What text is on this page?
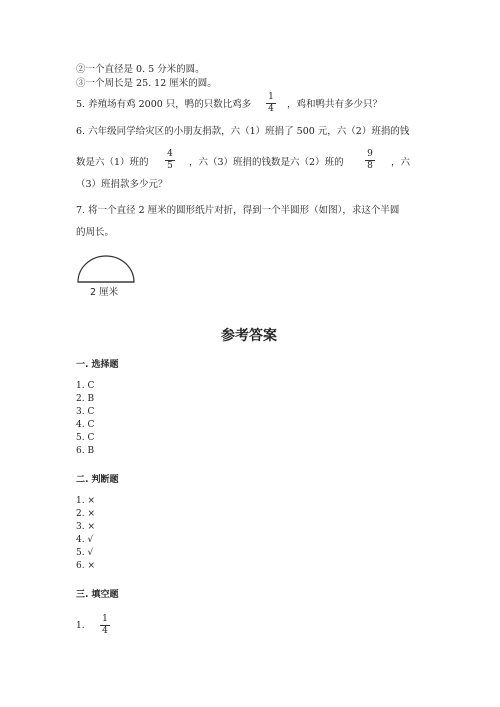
②一个直径是 0. 5 分米的圆。
③一个周长是 25. 12 厘米的圆。
5. 养殖场有鸡 2000 只，鸭的只数比鸡多
1
4	，鸡和鸭共有多少只？
6. 六年级同学给灾区的小朋友捐款，六（1）班捐了 500 元，六（2）班捐的钱
数是六（1）班的
4
5	，六（3）班捐的钱数是六（2）班的
9
8	，六
（3）班捐款多少元？
7. 将一个直径 2 厘米的圆形纸片对折，得到一个半圆形（如图），求这个半圆
的周长。
2 厘米
参考答案
一. 选择题
1. C
2. B
3. C
4. C
5. C
6. B
二. 判断题
1. ×
2. ×
3. ×
4. √
5. √
6. ×
三. 填空题
1.
1
4
